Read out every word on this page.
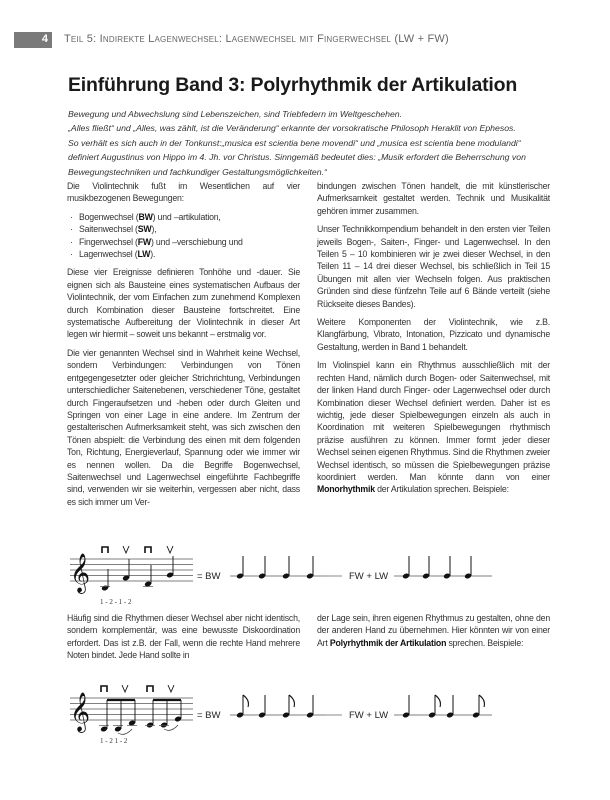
4 Teil 5: Indirekte Lagenwechsel: Lagenwechsel mit Fingerwechsel (LW + FW)
Einführung Band 3: Polyrhythmik der Artikulation
Bewegung und Abwechslung sind Lebenszeichen, sind Triebfedern im Weltgeschehen.
„Alles fließt“ und „Alles, was zählt, ist die Veränderung“ erkannte der vorsokratische Philosoph Heraklit von Ephesos.
So verhält es sich auch in der Tonkunst:„musica est scientia bene movendi“ und „musica est scientia bene modulandi“
definiert Augustinus von Hippo im 4. Jh. vor Christus. Sinngemäß bedeutet dies: „Musik erfordert die Beherrschung von
Bewegungstechniken und fachkundiger Gestaltungsmöglichkeiten.“

Die Violintechnik fußt im Wesentlichen auf vier musikbezogenen Bewegungen:

· Bogenwechsel (BW) und –artikulation,
· Saitenwechsel (SW),
· Fingerwechsel (FW) und –verschiebung und
· Lagenwechsel (LW).

Diese vier Ereignisse definieren Tonhöhe und -dauer. Sie eignen sich als Bausteine eines systematischen Aufbaus der Violintechnik, der vom Einfachen zum zunehmend Komplexen durch Kombination dieser Bausteine fortschreitet. Eine systematische Aufbereitung der Violintechnik in dieser Art legen wir hiermit – soweit uns bekannt – erstmalig vor.

Die vier genannten Wechsel sind in Wahrheit keine Wechsel, sondern Verbindungen: Verbindungen von Tönen entgegengesetzter oder gleicher Strichrichtung, Verbindungen unterschiedlicher Saitenebenen, verschiedener Töne, gestaltet durch Fingeraufsetzen und -heben oder durch Gleiten und Springen von einer Lage in eine andere. Im Zentrum der gestalterischen Aufmerksamkeit steht, was sich zwischen den Tönen abspielt: die Verbindung des einen mit dem folgenden Ton, Richtung, Energieverlauf, Spannung oder wie immer wir es nennen wollen. Da die Begriffe Bogenwechsel, Saitenwechsel und Lagenwechsel eingeführte Fachbegriffe sind, verwenden wir sie weiterhin, vergessen aber nicht, dass es sich immer um Ver-

bindungen zwischen Tönen handelt, die mit künstlerischer Aufmerksamkeit gestaltet werden. Technik und Musikalität gehören immer zusammen.

Unser Technikkompendium behandelt in den ersten vier Teilen jeweils Bogen-, Saiten-, Finger- und Lagenwechsel. In den Teilen 5 – 10 kombinieren wir je zwei dieser Wechsel, in den Teilen 11 – 14 drei dieser Wechsel, bis schließlich in Teil 15 Übungen mit allen vier Wechseln folgen. Aus praktischen Gründen sind diese fünfzehn Teile auf 6 Bände verteilt (siehe Rückseite dieses Bandes).

Weitere Komponenten der Violintechnik, wie z.B. Klangfärbung, Vibrato, Intonation, Pizzicato und dynamische Gestaltung, werden in Band 1 behandelt.

Im Violinspiel kann ein Rhythmus ausschließlich mit der rechten Hand, nämlich durch Bogen- oder Saitenwechsel, mit der linken Hand durch Finger- oder Lagenwechsel oder durch Kombination dieser Wechsel definiert werden. Daher ist es wichtig, jede dieser Spielbewegungen einzeln als auch in Koordination mit weiteren Spielbewegungen rhythmisch präzise ausführen zu können. Immer formt jeder dieser Wechsel seinen eigenen Rhythmus. Sind die Rhythmen zweier Wechsel identisch, so müssen die Spielbewegungen präzise koordiniert werden. Man könnte dann von einer Monorhythmik der Artikulation sprechen. Beispiele:

𝄞
1 - 2 - 1 - 2
= BW	FW + LW
Häufig sind die Rhythmen dieser Wechsel aber nicht identisch, sondern komplementär, was eine bewusste Diskoordination erfordert. Das ist z.B. der Fall, wenn die rechte Hand mehrere Noten bindet. Jede Hand sollte in
der Lage sein, ihren eigenen Rhythmus zu gestalten, ohne den der anderen Hand zu übernehmen. Hier könnten wir von einer Art Polyrhythmik der Artikulation sprechen. Beispiele:
𝄞
1 - 2 1 - 2
= BW	FW + LW
